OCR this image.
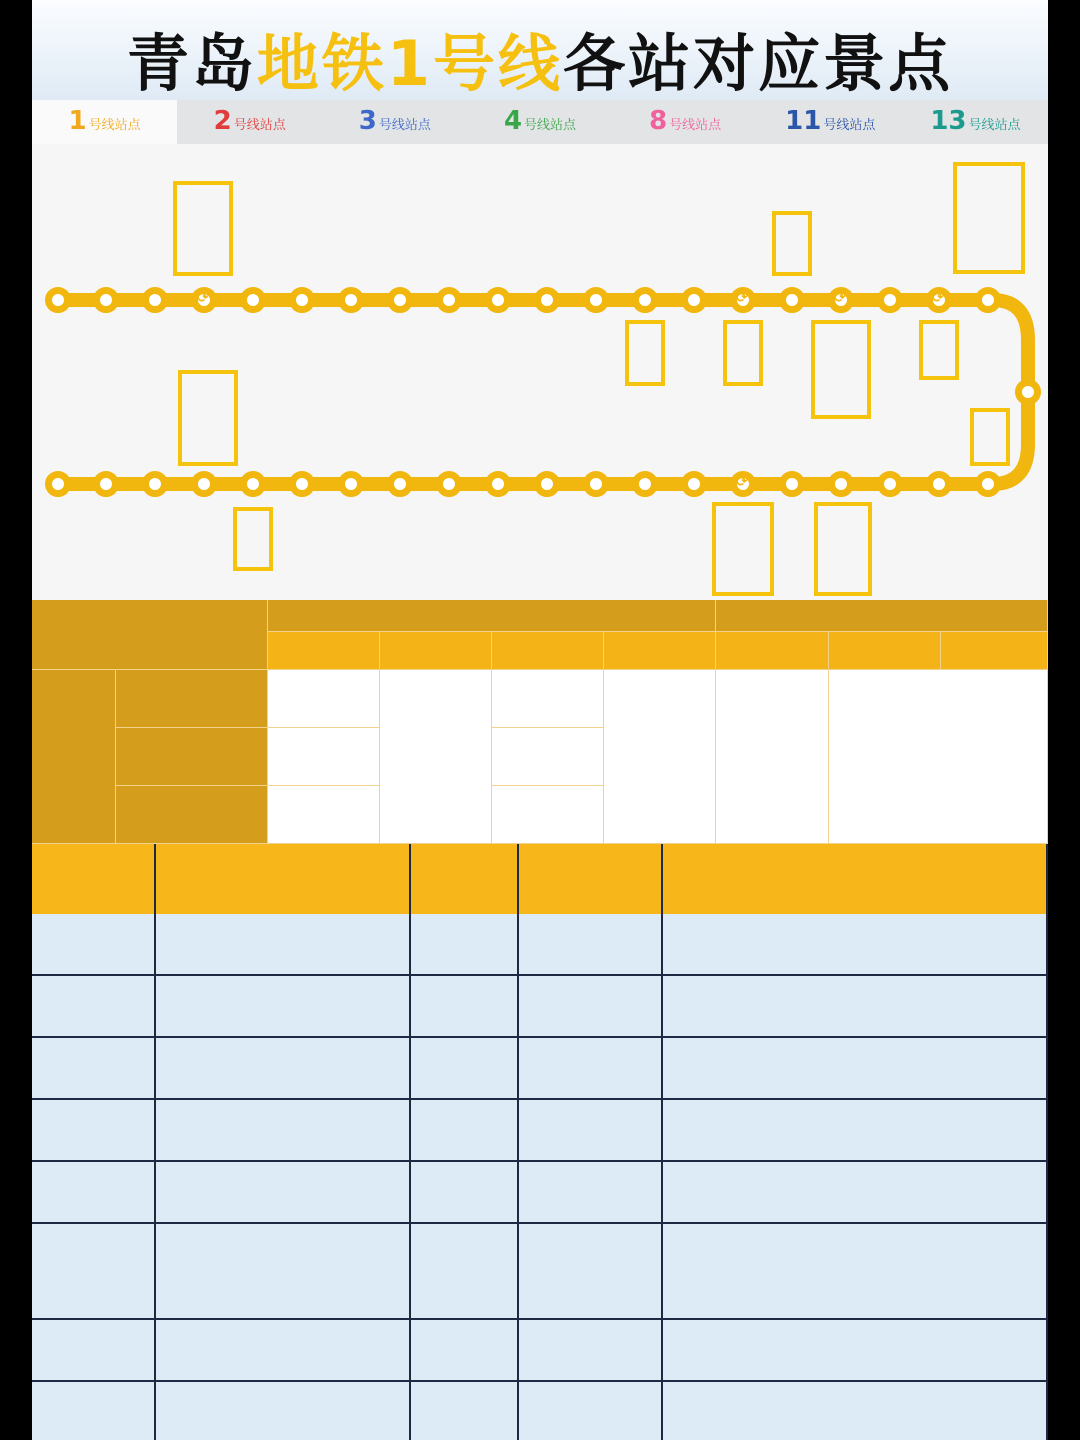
青岛地铁1号线各站对应景点
1 号线站点	2 号线站点	3 号线站点	4 号线站点	8 号线站点 11 号线站点 13 号线站点
⟳
⟳
⟳
⟳
⟳
